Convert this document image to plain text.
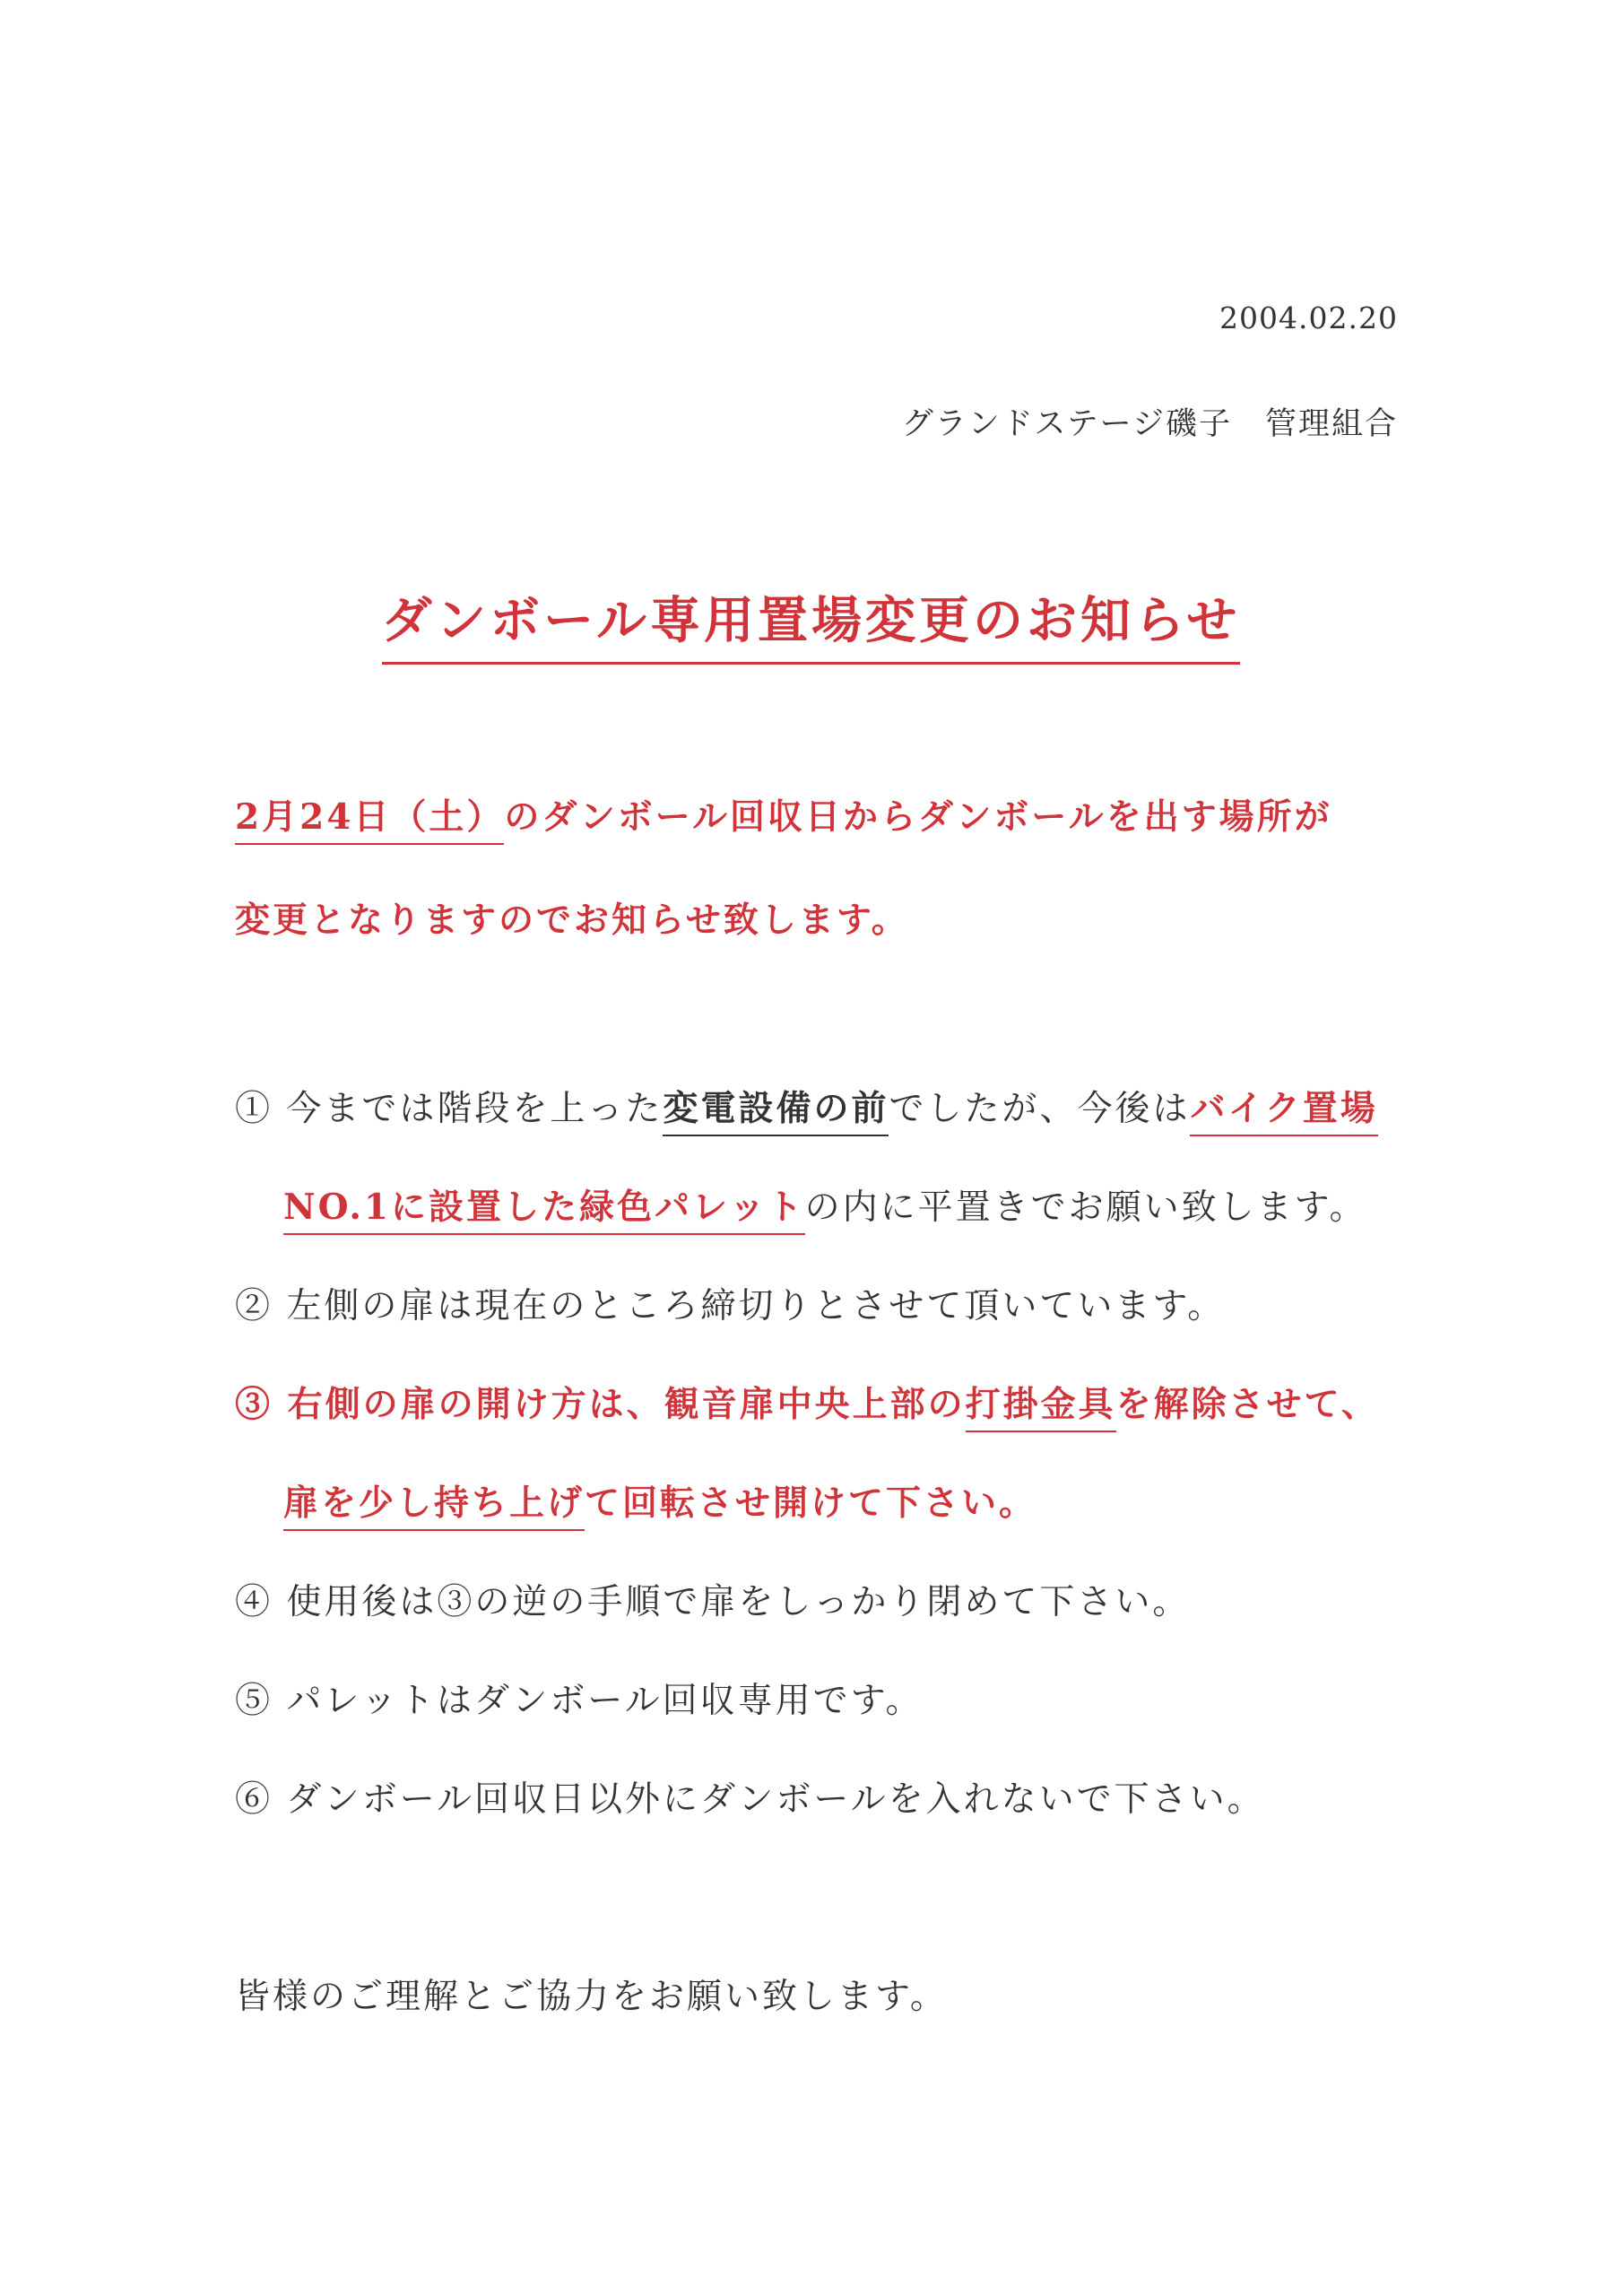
2004.02.20
グランドステージ磯子　管理組合
ダンボール専用置場変更のお知らせ
2月24日（土）のダンボール回収日からダンボールを出す場所が
変更となりますのでお知らせ致します。
① 今までは階段を上った変電設備の前でしたが、今後はバイク置場
NO.1に設置した緑色パレットの内に平置きでお願い致します。
② 左側の扉は現在のところ締切りとさせて頂いています。
③ 右側の扉の開け方は、観音扉中央上部の打掛金具を解除させて、
扉を少し持ち上げて回転させ開けて下さい。
④ 使用後は③の逆の手順で扉をしっかり閉めて下さい。
⑤ パレットはダンボール回収専用です。
⑥ ダンボール回収日以外にダンボールを入れないで下さい。
皆様のご理解とご協力をお願い致します。
